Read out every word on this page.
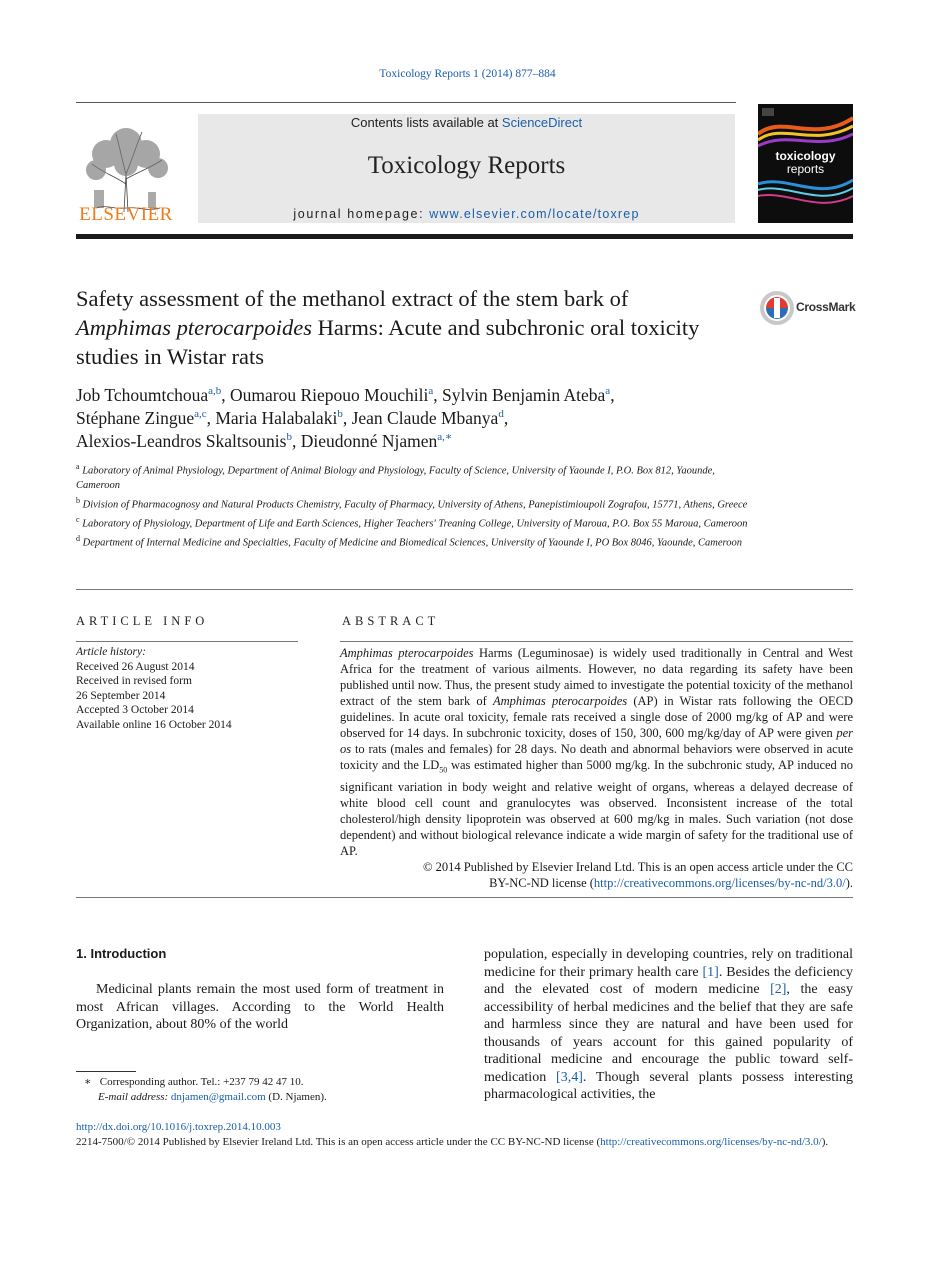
Toxicology Reports 1 (2014) 877–884
ELSEVIER
Contents lists available at ScienceDirect
Toxicology Reports
journal homepage: www.elsevier.com/locate/toxrep
toxicology
reports
Safety assessment of the methanol extract of the stem bark of
Amphimas pterocarpoides Harms: Acute and subchronic oral toxicity studies in Wistar rats
CrossMark
Job Tchoumtchoua$^{a,b}$, Oumarou Riepouo Mouchili$^a$, Sylvin Benjamin Ateba$^a$,
Stéphane Zingue$^{a,c}$, Maria Halabalaki$^b$, Jean Claude Mbanya$^d$,
Alexios-Leandros Skaltsounis$^b$, Dieudonné Njamen$^{a,∗}$
$^a$ Laboratory of Animal Physiology, Department of Animal Biology and Physiology, Faculty of Science, University of Yaounde I, P.O. Box 812, Yaounde, Cameroon
$^b$ Division of Pharmacognosy and Natural Products Chemistry, Faculty of Pharmacy, University of Athens, Panepistimioupoli Zografou, 15771, Athens, Greece
$^c$ Laboratory of Physiology, Department of Life and Earth Sciences, Higher Teachers' Treaning College, University of Maroua, P.O. Box 55 Maroua, Cameroon
$^d$ Department of Internal Medicine and Specialties, Faculty of Medicine and Biomedical Sciences, University of Yaounde I, PO Box 8046, Yaounde, Cameroon
ARTICLE INFO
Article history:
Received 26 August 2014
Received in revised form
26 September 2014
Accepted 3 October 2014
Available online 16 October 2014
ABSTRACT

Amphimas pterocarpoides Harms (Leguminosae) is widely used traditionally in Central and West Africa for the treatment of various ailments. However, no data regarding its safety have been published until now. Thus, the present study aimed to investigate the potential toxicity of the methanol extract of the stem bark of Amphimas pterocarpoides (AP) in Wistar rats following the OECD guidelines. In acute oral toxicity, female rats received a single dose of 2000 mg/kg of AP and were observed for 14 days. In subchronic toxicity, doses of 150, 300, 600 mg/kg/day of AP were given per os to rats (males and females) for 28 days. No death and abnormal behaviors were observed in acute toxicity and the $LD_{50}$ was estimated higher than 5000 mg/kg. In the subchronic study, AP induced no significant variation in body weight and relative weight of organs, whereas a delayed decrease of white blood cell count and granulocytes was observed. Inconsistent increase of the total cholesterol/high density lipoprotein was observed at 600 mg/kg in males. Such variation (not dose dependent) and without biological relevance indicate a wide margin of safety for the traditional use of AP.

© 2014 Published by Elsevier Ireland Ltd. This is an open access article under the CC
BY-NC-ND license (http://creativecommons.org/licenses/by-nc-nd/3.0/).

1. Introduction

Medicinal plants remain the most used form of treatment in most African villages. According to the World Health Organization, about 80% of the world

population, especially in developing countries, rely on traditional medicine for their primary health care [1]. Besides the deficiency and the elevated cost of modern medicine [2], the easy accessibility of herbal medicines and the belief that they are safe and harmless since they are natural and have been used for thousands of years account for this gained popularity of traditional medicine and encourage the public toward self-medication [3,4]. Though several plants possess interesting pharmacological activities, the

∗ Corresponding author. Tel.: +237 79 42 47 10.
E-mail address: dnjamen@gmail.com (D. Njamen).
http://dx.doi.org/10.1016/j.toxrep.2014.10.003
2214-7500/© 2014 Published by Elsevier Ireland Ltd. This is an open access article under the CC BY-NC-ND license (http://creativecommons.org/licenses/by-nc-nd/3.0/).
